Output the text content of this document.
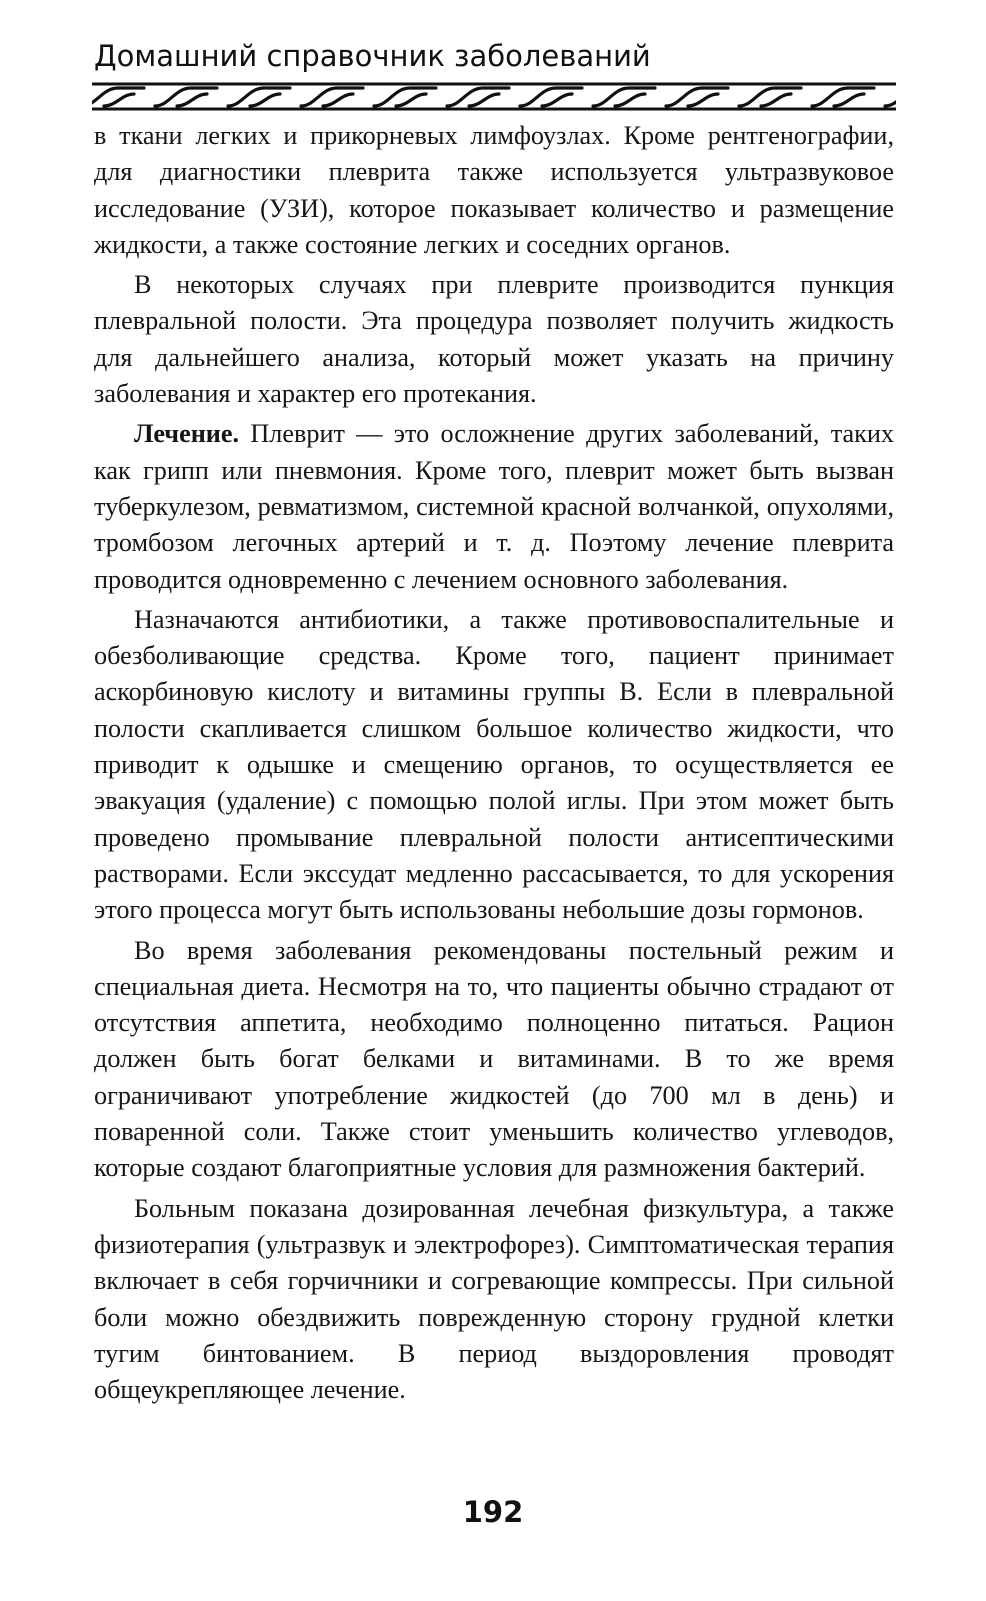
Домашний справочник заболеваний

в ткани легких и прикорневых лимфоузлах. Кроме рентгенографии, для диагностики плеврита также используется ультразвуковое исследование (УЗИ), которое показывает количество и размещение жидкости, а также состояние легких и соседних органов.

В некоторых случаях при плеврите производится пункция плевральной полости. Эта процедура позволяет получить жидкость для дальнейшего анализа, который может указать на причину заболевания и характер его протекания.

Лечение. Плеврит — это осложнение других заболеваний, таких как грипп или пневмония. Кроме того, плеврит может быть вызван туберкулезом, ревматизмом, системной красной волчанкой, опухолями, тромбозом легочных артерий и т. д. Поэтому лечение плеврита проводится одновременно с лечением основного заболевания.

Назначаются антибиотики, а также противовоспалительные и обезболивающие средства. Кроме того, пациент принимает аскорбиновую кислоту и витамины группы В. Если в плевральной полости скапливается слишком большое количество жидкости, что приводит к одышке и смещению органов, то осуществляется ее эвакуация (удаление) с помощью полой иглы. При этом может быть проведено промывание плевральной полости антисептическими растворами. Если экссудат медленно рассасывается, то для ускорения этого процесса могут быть использованы небольшие дозы гормонов.

Во время заболевания рекомендованы постельный режим и специальная диета. Несмотря на то, что пациенты обычно страдают от отсутствия аппетита, необходимо полноценно питаться. Рацион должен быть богат белками и витаминами. В то же время ограничивают употребление жидкостей (до 700 мл в день) и поваренной соли. Также стоит уменьшить количество углеводов, которые создают благоприятные условия для размножения бактерий.

Больным показана дозированная лечебная физкультура, а также физиотерапия (ультразвук и электрофорез). Симптоматическая терапия включает в себя горчичники и согревающие компрессы. При сильной боли можно обездвижить поврежденную сторону грудной клетки тугим бинтованием. В период выздоровления проводят общеукрепляющее лечение.

192
